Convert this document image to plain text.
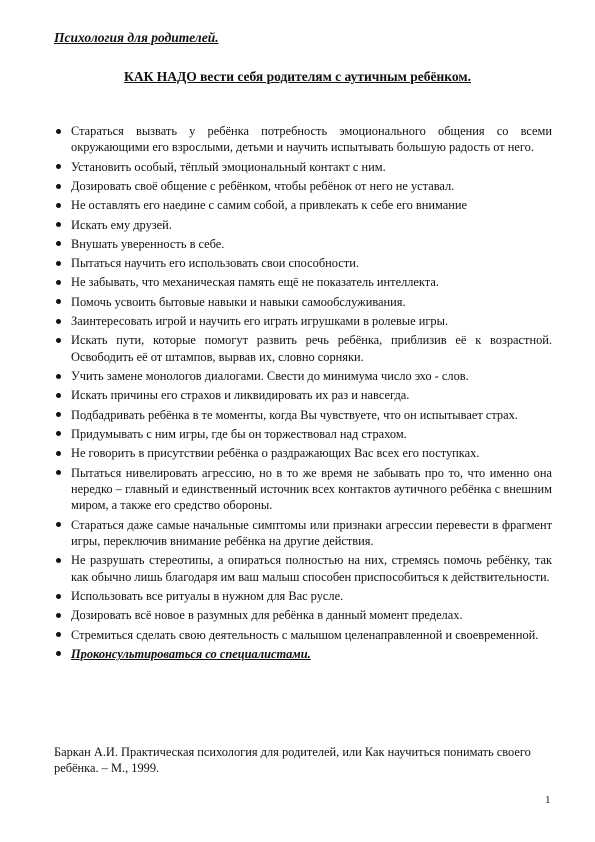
Психология для родителей.
КАК НАДО вести себя родителям с аутичным ребёнком.
Стараться вызвать у ребёнка потребность эмоционального общения со всеми окружающими его взрослыми, детьми и научить испытывать большую радость от него.
Установить особый, тёплый эмоциональный контакт с ним.
Дозировать своё общение с ребёнком, чтобы ребёнок от него не уставал.
Не оставлять его наедине с самим собой, а привлекать к себе его внимание
Искать ему друзей.
Внушать уверенность в себе.
Пытаться научить его использовать свои способности.
Не забывать, что механическая память ещё не показатель интеллекта.
Помочь усвоить бытовые навыки и навыки самообслуживания.
Заинтересовать игрой и научить его играть игрушками в ролевые игры.
Искать пути, которые помогут развить речь ребёнка, приблизив её к возрастной. Освободить её от штампов, вырвав их, словно сорняки.
Учить замене монологов диалогами. Свести до минимума число эхо - слов.
Искать причины его страхов и ликвидировать их раз и навсегда.
Подбадривать ребёнка в те моменты, когда Вы чувствуете, что он испытывает страх.
Придумывать с ним игры, где бы он торжествовал над страхом.
Не говорить в присутствии ребёнка о раздражающих Вас всех его поступках.
Пытаться нивелировать агрессию, но в то же время не забывать про то, что именно она нередко – главный и единственный источник всех контактов аутичного ребёнка с внешним миром, а также его средство обороны.
Стараться даже самые начальные симптомы или признаки агрессии перевести в фрагмент игры, переключив внимание ребёнка на другие действия.
Не разрушать стереотипы, а опираться полностью на них, стремясь помочь ребёнку, так как обычно лишь благодаря им ваш малыш способен приспособиться к действительности.
Использовать все ритуалы в нужном для Вас русле.
Дозировать всё новое в разумных для ребёнка в данный момент пределах.
Стремиться сделать свою деятельность с малышом целенаправленной и своевременной.
Проконсультироваться со специалистами.
Баркан А.И. Практическая психология для родителей, или Как научиться понимать своего ребёнка. – М., 1999.
1
